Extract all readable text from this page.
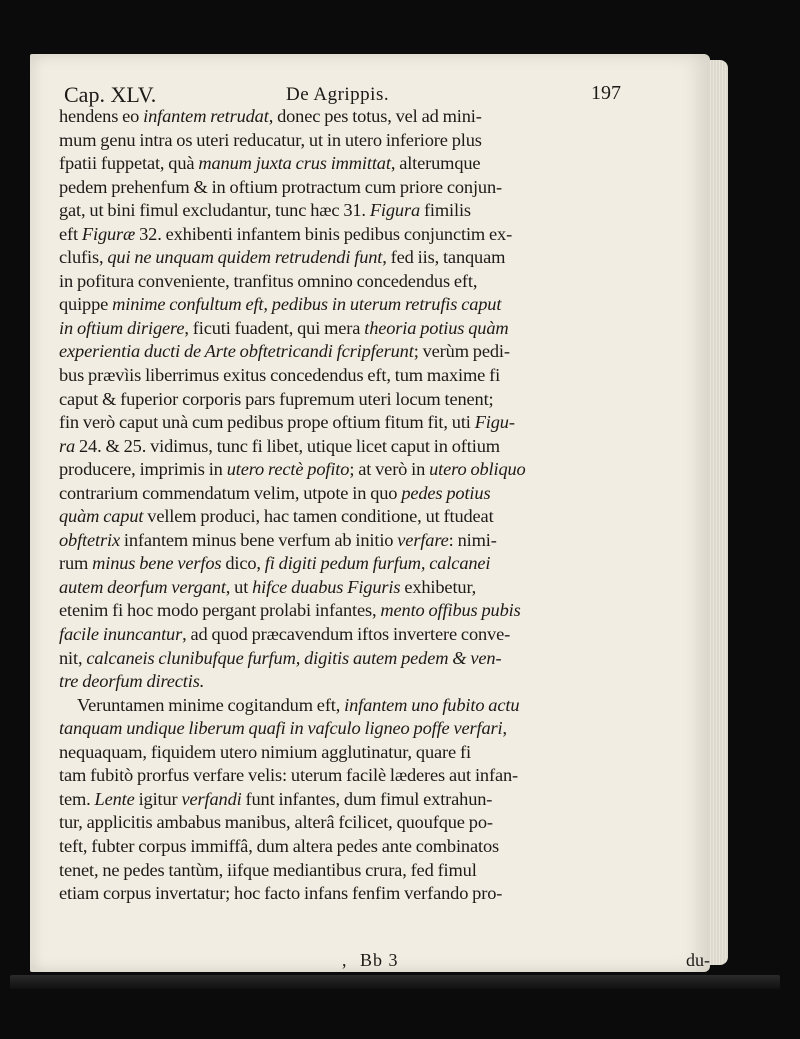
Cap. XLV.	De Agrippis.	197
hendens eo infantem retrudat, donec pes totus, vel ad mini-
mum genu intra os uteri reducatur, ut in utero inferiore plus
fpatii fuppetat, quà manum juxta crus immittat, alterumque
pedem prehenfum & in oftium protractum cum priore conjun-
gat, ut bini fimul excludantur, tunc hæc 31. Figura fimilis
eft Figuræ 32. exhibenti infantem binis pedibus conjunctim ex-
clufis, qui ne unquam quidem retrudendi funt, fed iis, tanquam
in pofitura conveniente, tranfitus omnino concedendus eft,
quippe minime confultum eft, pedibus in uterum retrufis caput
in oftium dirigere, ficuti fuadent, qui mera theoria potius quàm
experientia ducti de Arte obftetricandi fcripferunt; verùm pedi-
bus prævìis liberrimus exitus concedendus eft, tum maxime fi
caput & fuperior corporis pars fupremum uteri locum tenent;
fin verò caput unà cum pedibus prope oftium fitum fit, uti Figu-
ra 24. & 25. vidimus, tunc fi libet, utique licet caput in oftium
producere, imprimis in utero rectè pofito; at verò in utero obliquo
contrarium commendatum velim, utpote in quo pedes potius
quàm caput vellem produci, hac tamen conditione, ut ftudeat
obftetrix infantem minus bene verfum ab initio verfare: nimi-
rum minus bene verfos dico, fi digiti pedum furfum, calcanei
autem deorfum vergant, ut hifce duabus Figuris exhibetur,
etenim fi hoc modo pergant prolabi infantes, mento offibus pubis
facile inuncantur, ad quod præcavendum iftos invertere conve-
nit, calcaneis clunibufque furfum, digitis autem pedem & ven-
tre deorfum directis.
Veruntamen minime cogitandum eft, infantem uno fubito actu
tanquam undique liberum quafi in vafculo ligneo poffe verfari,
nequaquam, fiquidem utero nimium agglutinatur, quare fi
tam fubitò prorfus verfare velis: uterum facilè læderes aut infan-
tem. Lente igitur verfandi funt infantes, dum fimul extrahun-
tur, applicitis ambabus manibus, alterâ fcilicet, quoufque po-
teft, fubter corpus immiffâ, dum altera pedes ante combinatos
tenet, ne pedes tantùm, iifque mediantibus crura, fed fimul
etiam corpus invertatur; hoc facto infans fenfim verfando pro-
, Bb 3	du-
